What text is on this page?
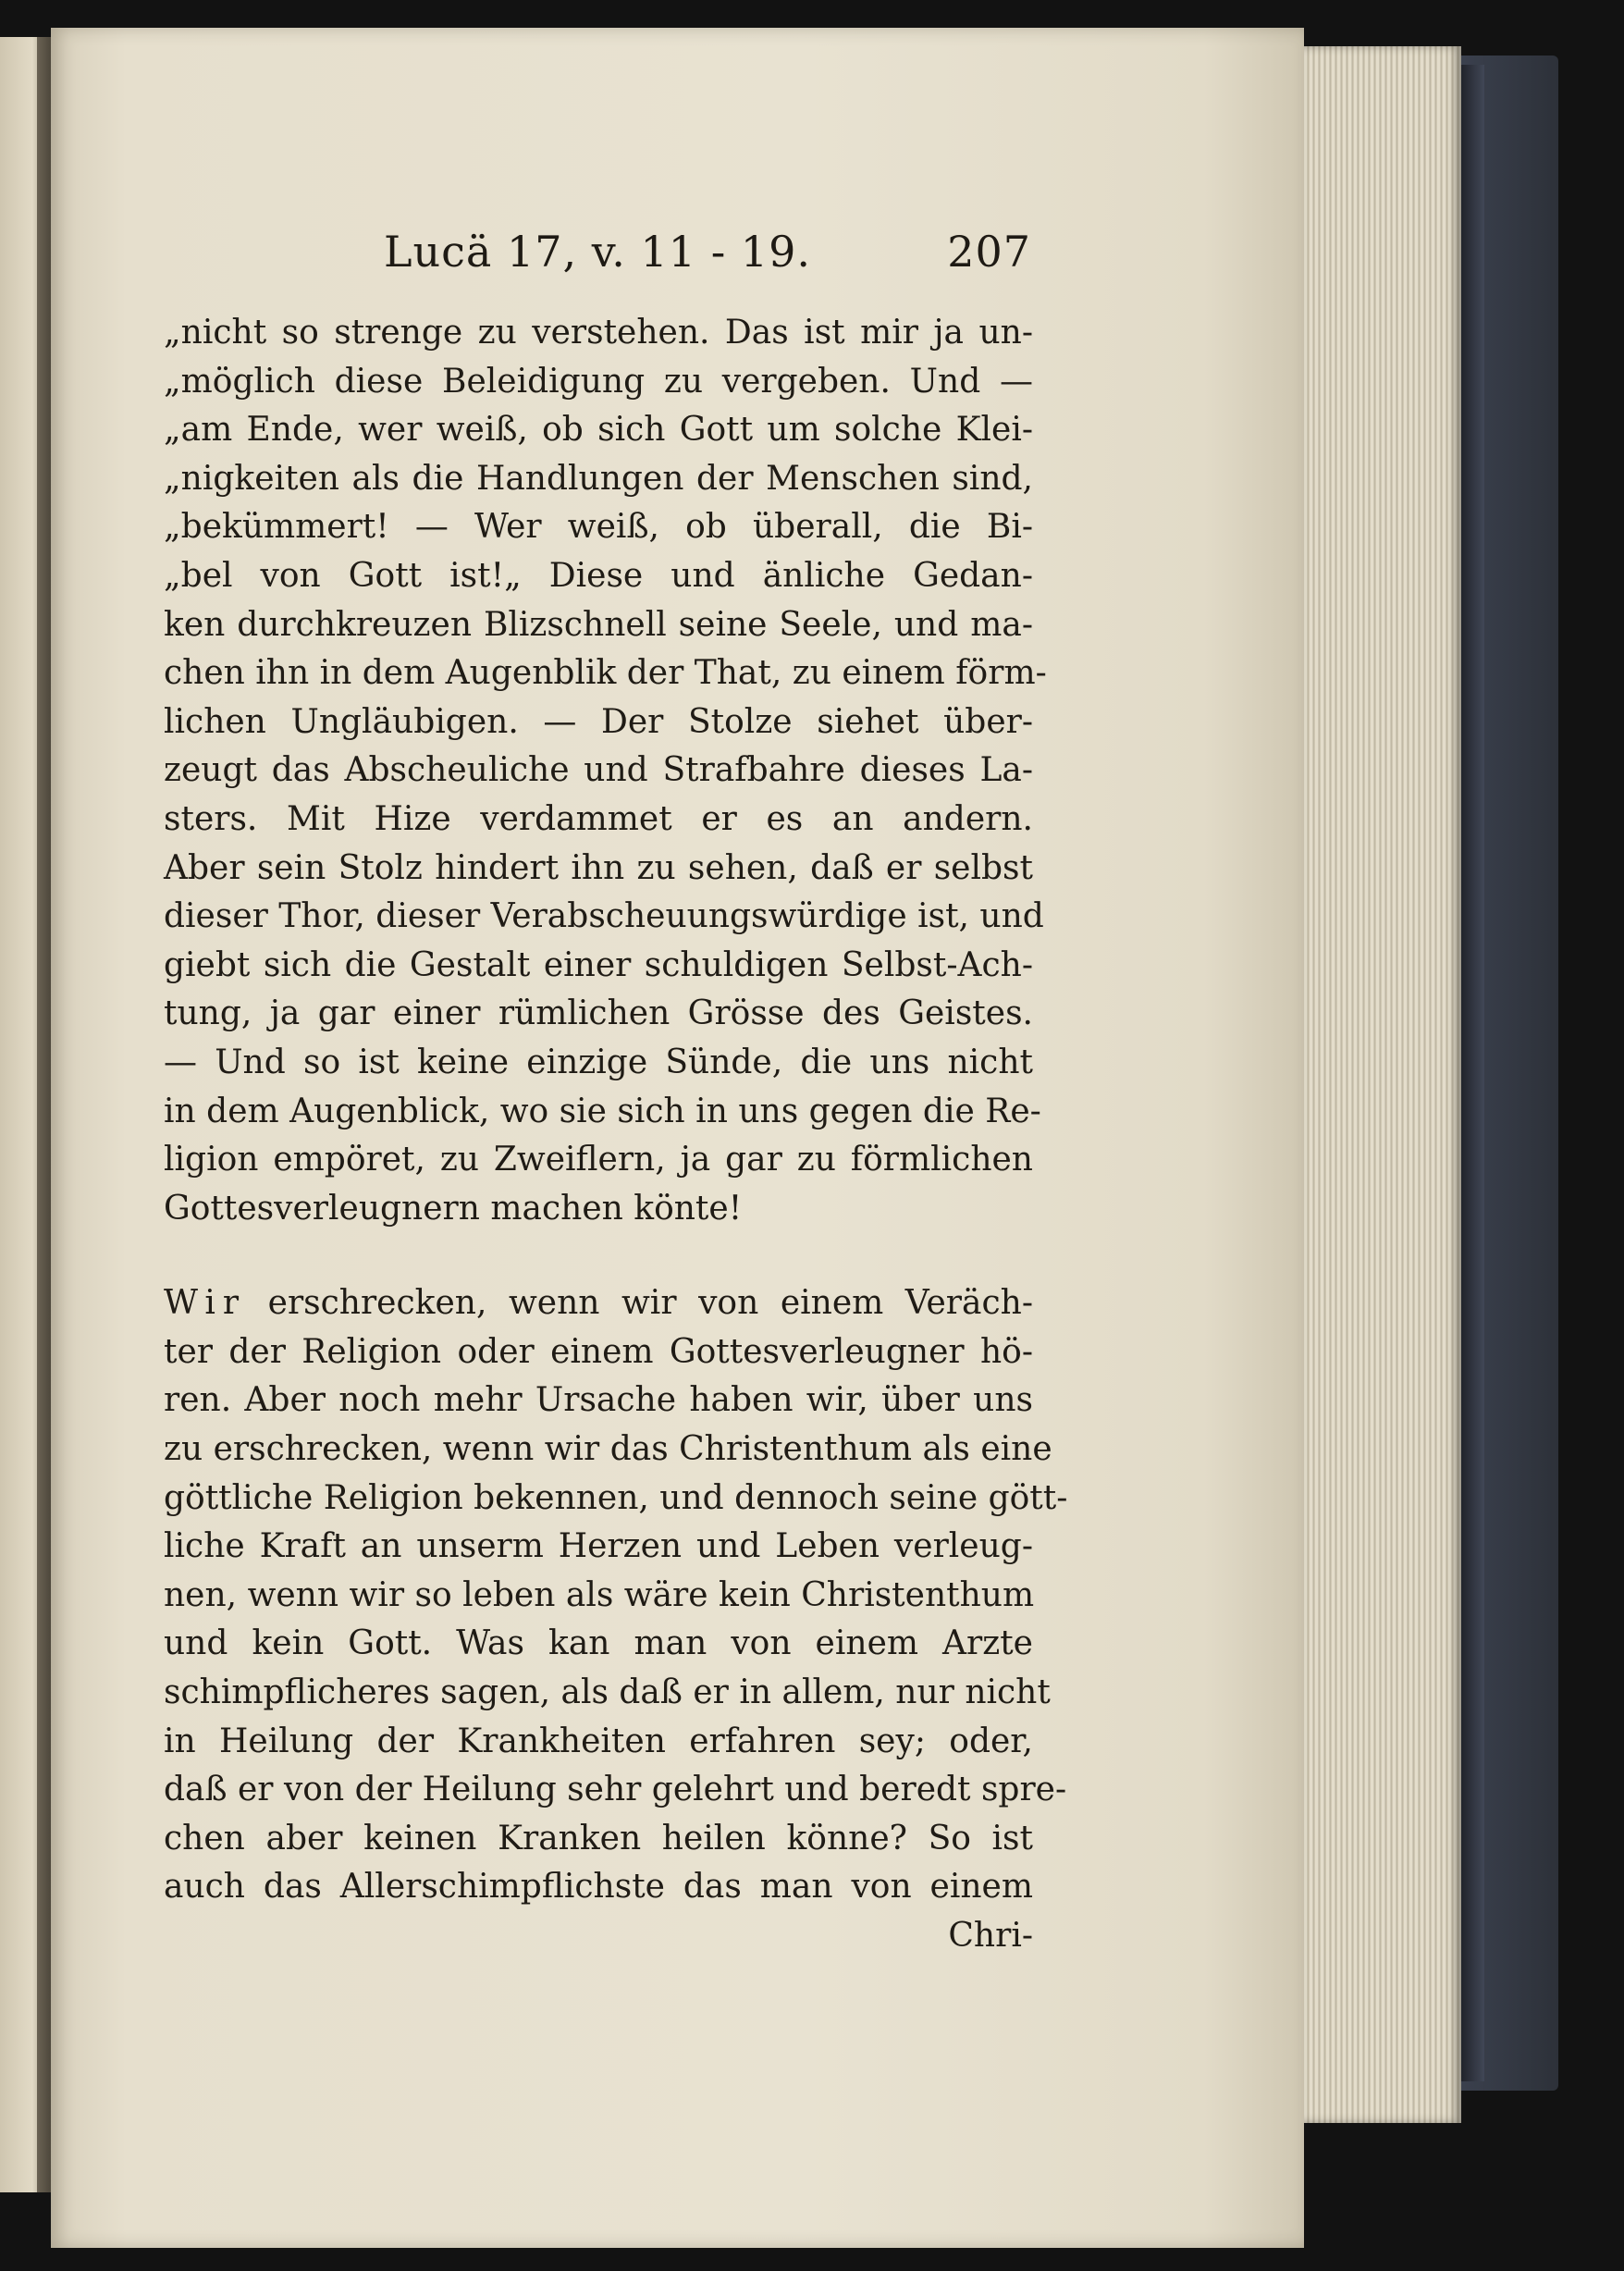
Lucä 17, v. 11 - 19.	207
„nicht so strenge zu verstehen. Das ist mir ja un-
„möglich diese Beleidigung zu vergeben. Und —
„am Ende, wer weiß, ob sich Gott um solche Klei-
„nigkeiten als die Handlungen der Menschen sind,
„bekümmert! — Wer weiß, ob überall, die Bi-
„bel von Gott ist!„ Diese und änliche Gedan-
ken durchkreuzen Blizschnell seine Seele, und ma-
chen ihn in dem Augenblik der That, zu einem förm-
lichen Ungläubigen. — Der Stolze siehet über-
zeugt das Abscheuliche und Strafbahre dieses La-
sters. Mit Hize verdammet er es an andern.
Aber sein Stolz hindert ihn zu sehen, daß er selbst
dieser Thor, dieser Verabscheuungswürdige ist, und
giebt sich die Gestalt einer schuldigen Selbst-Ach-
tung, ja gar einer rümlichen Grösse des Geistes.
— Und so ist keine einzige Sünde, die uns nicht
in dem Augenblick, wo sie sich in uns gegen die Re-
ligion empöret, zu Zweiflern, ja gar zu förmlichen
Gottesverleugnern machen könte!
Wir erschrecken, wenn wir von einem Veräch-
ter der Religion oder einem Gottesverleugner hö-
ren. Aber noch mehr Ursache haben wir, über uns
zu erschrecken, wenn wir das Christenthum als eine
göttliche Religion bekennen, und dennoch seine gött-
liche Kraft an unserm Herzen und Leben verleug-
nen, wenn wir so leben als wäre kein Christenthum
und kein Gott. Was kan man von einem Arzte
schimpflicheres sagen, als daß er in allem, nur nicht
in Heilung der Krankheiten erfahren sey; oder,
daß er von der Heilung sehr gelehrt und beredt spre-
chen aber keinen Kranken heilen könne? So ist
auch das Allerschimpflichste das man von einem
Chri-
